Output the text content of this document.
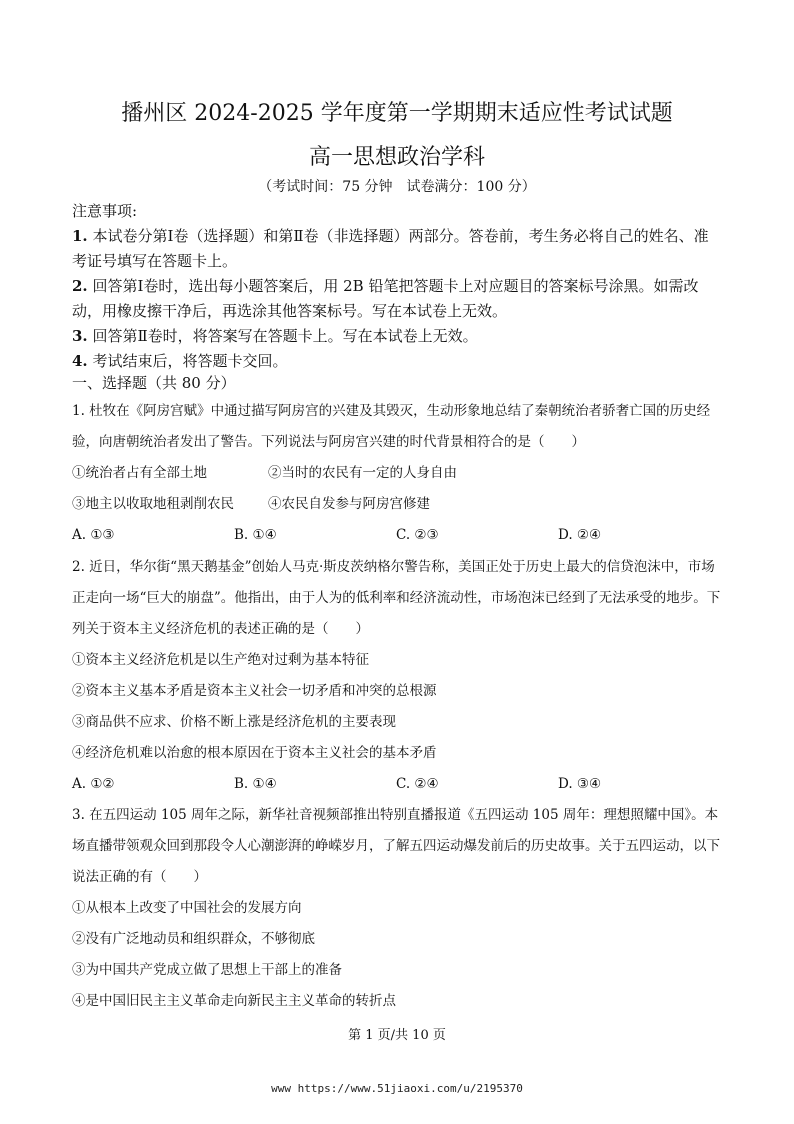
播州区 2024-2025 学年度第一学期期末适应性考试试题
高一思想政治学科
（考试时间：75 分钟　试卷满分：100 分）
注意事项:

1. 本试卷分第Ⅰ卷（选择题）和第Ⅱ卷（非选择题）两部分。答卷前，考生务必将自己的姓名、准考证号填写在答题卡上。

2. 回答第Ⅰ卷时，选出每小题答案后，用 2B 铅笔把答题卡上对应题目的答案标号涂黑。如需改动，用橡皮擦干净后，再选涂其他答案标号。写在本试卷上无效。

3. 回答第Ⅱ卷时，将答案写在答题卡上。写在本试卷上无效。

4. 考试结束后，将答题卡交回。

一、选择题（共 80 分）

1. 杜牧在《阿房宫赋》中通过描写阿房宫的兴建及其毁灭，生动形象地总结了秦朝统治者骄奢亡国的历史经验，向唐朝统治者发出了警告。下列说法与阿房宫兴建的时代背景相符合的是（　　）

①统治者占有全部土地	②当时的农民有一定的人身自由

③地主以收取地租剥削农民	④农民自发参与阿房宫修建

A. ①③	B. ①④	C. ②③	D. ②④

2. 近日，华尔街“黑天鹅基金”创始人马克·斯皮茨纳格尔警告称，美国正处于历史上最大的信贷泡沫中，市场正走向一场“巨大的崩盘”。他指出，由于人为的低利率和经济流动性，市场泡沫已经到了无法承受的地步。下列关于资本主义经济危机的表述正确的是（　　）

①资本主义经济危机是以生产绝对过剩为基本特征

②资本主义基本矛盾是资本主义社会一切矛盾和冲突的总根源

③商品供不应求、价格不断上涨是经济危机的主要表现

④经济危机难以治愈的根本原因在于资本主义社会的基本矛盾

A. ①②	B. ①④	C. ②④	D. ③④

3. 在五四运动 105 周年之际，新华社音视频部推出特别直播报道《五四运动 105 周年：理想照耀中国》。本场直播带领观众回到那段令人心潮澎湃的峥嵘岁月，了解五四运动爆发前后的历史故事。关于五四运动，以下说法正确的有（　　）

①从根本上改变了中国社会的发展方向

②没有广泛地动员和组织群众，不够彻底

③为中国共产党成立做了思想上干部上的准备

④是中国旧民主主义革命走向新民主主义革命的转折点

第 1 页/共 10 页
www https://www.51jiaoxi.com/u/2195370
